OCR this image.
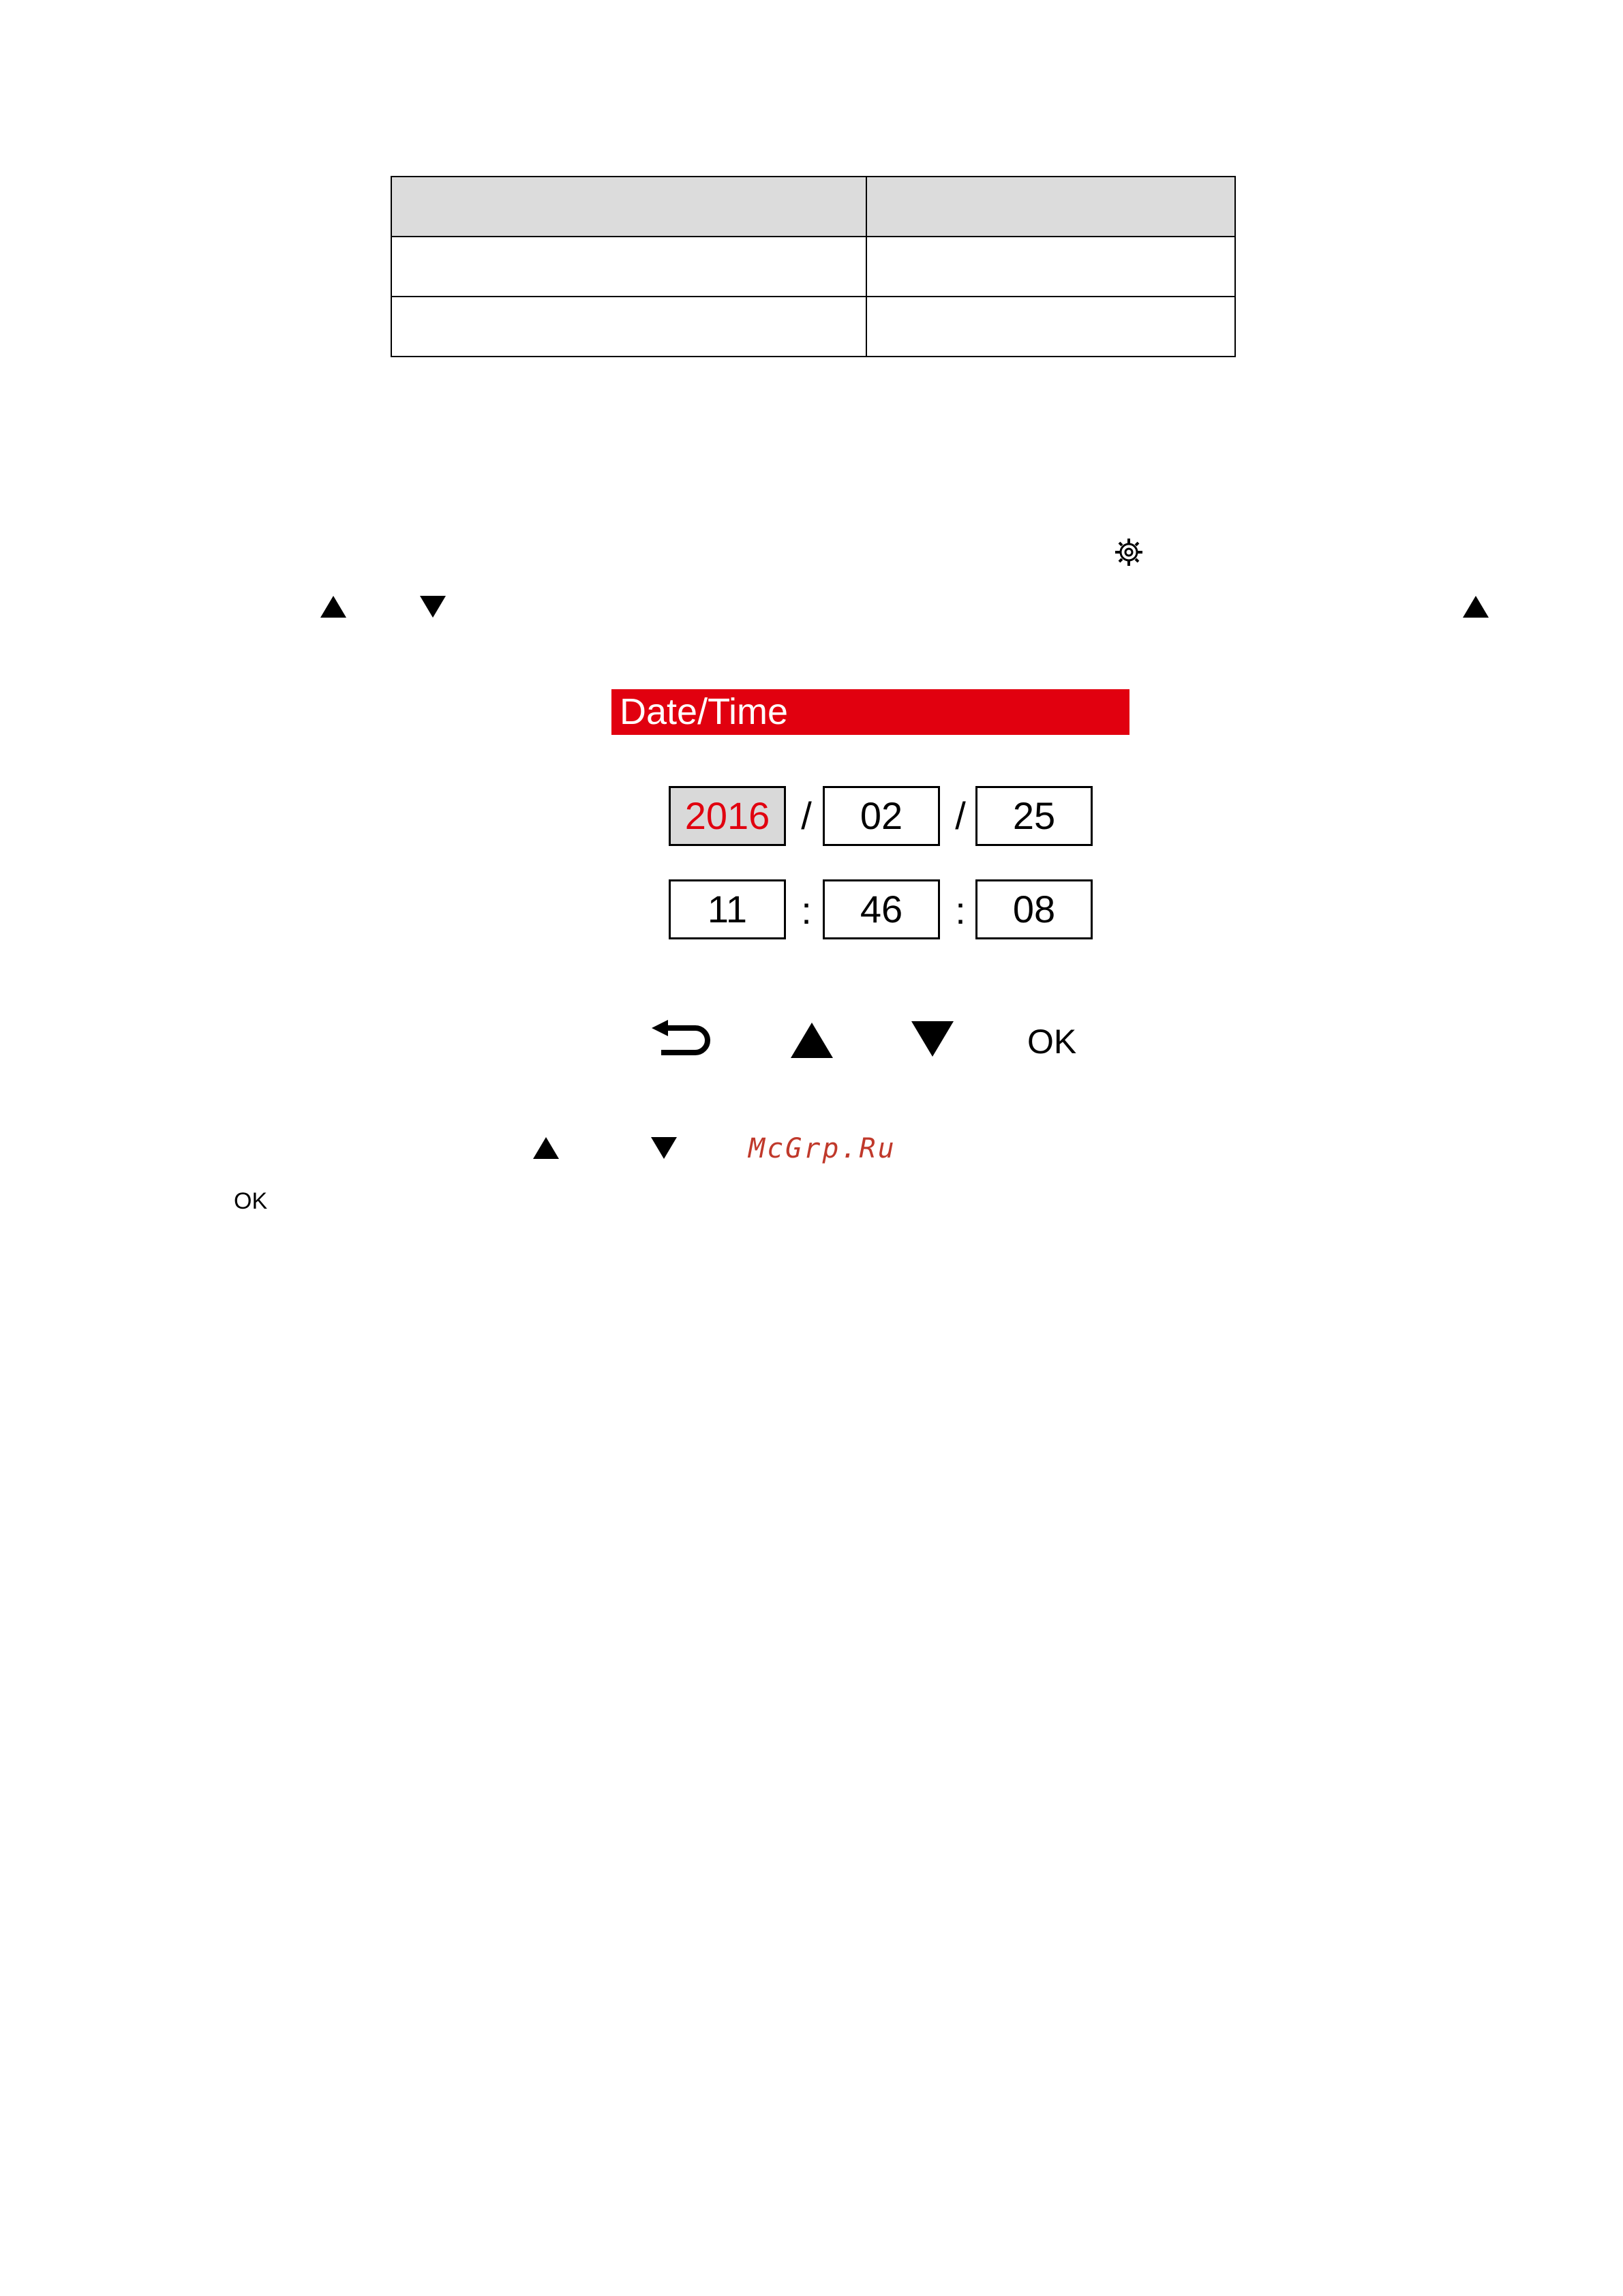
Date/Time
2016 /	02	/	25
11	:	46	:	08
OK
McGrp.Ru
OK
